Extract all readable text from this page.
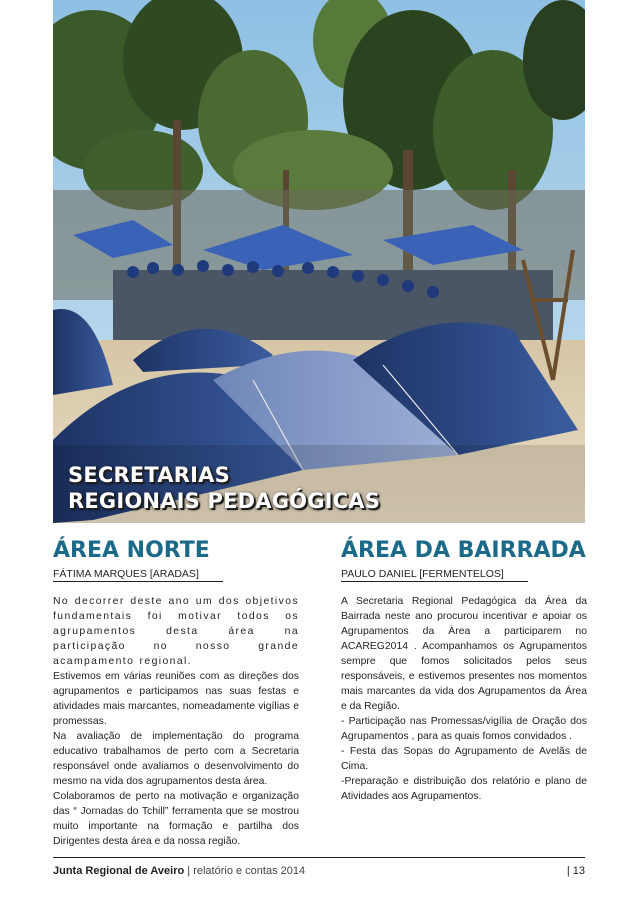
SECRETARIAS
REGIONAIS PEDAGÓGICAS
ÁREA NORTE
FÁTIMA MARQUES [ARADAS]

No decorrer deste ano um dos objetivos fundamentais foi motivar todos os agrupamentos desta área na participação no nosso grande acampamento regional.

Estivemos em várias reuniões com as direções dos agrupamentos e participamos nas suas festas e atividades mais marcantes, nomeadamente vigílias e promessas.

Na avaliação de implementação do programa educativo trabalhamos de perto com a Secretaria responsável onde avaliamos o desenvolvimento do mesmo na vida dos agrupamentos desta área.

Colaboramos de perto na motivação e organização das “ Jornadas do Tchill” ferramenta que se mostrou muito importante na formação e partilha dos Dirigentes desta área e da nossa região.

ÁREA DA BAIRRADA
PAULO DANIEL [FERMENTELOS]

A Secretaria Regional Pedagógica da Área da Bairrada neste ano procurou incentivar e apoiar os Agrupamentos da Àrea a participarem no ACAREG2014 . Acompanhamos os Agrupamentos sempre que fomos solicitados pelos seus responsáveis, e estivemos presentes nos momentos mais marcantes da vida dos Agrupamentos da Área e da Região.

- Participação nas Promessas/vigília de Oração dos Agrupamentos , para as quais fomos convidados .

- Festa das Sopas do Agrupamento de Avelãs de Cima.

-Preparação e distribuição dos relatório e plano de Atividades aos Agrupamentos.

Junta Regional de Aveiro | relatório e contas 2014	| 13
